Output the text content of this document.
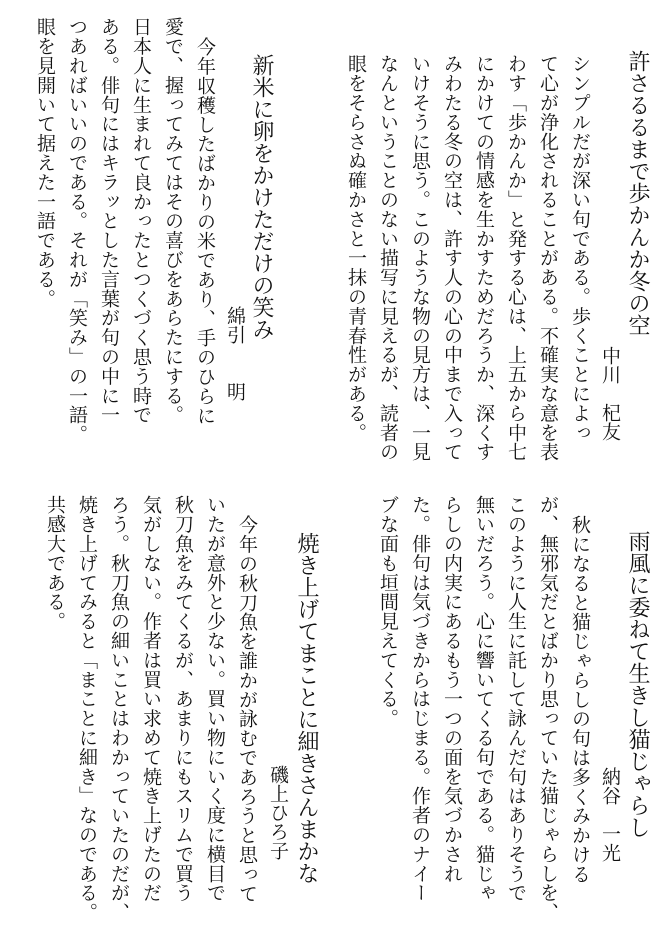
許さるるまで歩かんか冬の空
中川　杞友
シンプルだが深い句である。歩くことによっ
て心が浄化されることがある。不確実な意を表
わす「歩かんか」と発する心は、上五から中七
にかけての情感を生かすためだろうか、深くす
みわたる冬の空は、許す人の心の中まで入って
いけそうに思う。このような物の見方は、一見
なんということのない描写に見えるが、読者の
眼をそらさぬ確かさと一抹の青春性がある。
新米に卵をかけただけの笑み
綿引　　明
今年収穫したばかりの米であり、手のひらに
愛で、握ってみてはその喜びをあらたにする。
日本人に生まれて良かったとつくづく思う時で
ある。俳句にはキラッとした言葉が句の中に一
つあればいいのである。それが「笑み」の一語。
眼を見開いて据えた一語である。
雨風に委ねて生きし猫じゃらし
納谷　一光
秋になると猫じゃらしの句は多くみかける
が、無邪気だとばかり思っていた猫じゃらしを、
このように人生に託して詠んだ句はありそうで
無いだろう。心に響いてくる句である。猫じゃ
らしの内実にあるもう一つの面を気づかされ
た。俳句は気づきからはじまる。作者のナイー
ブな面も垣間見えてくる。
焼き上げてまことに細きさんまかな
磯上ひろ子
今年の秋刀魚を誰かが詠むであろうと思って
いたが意外と少ない。買い物にいく度に横目で
秋刀魚をみてくるが、あまりにもスリムで買う
気がしない。作者は買い求めて焼き上げたのだ
ろう。秋刀魚の細いことはわかっていたのだが、
焼き上げてみると「まことに細き」なのである。
共感大である。
